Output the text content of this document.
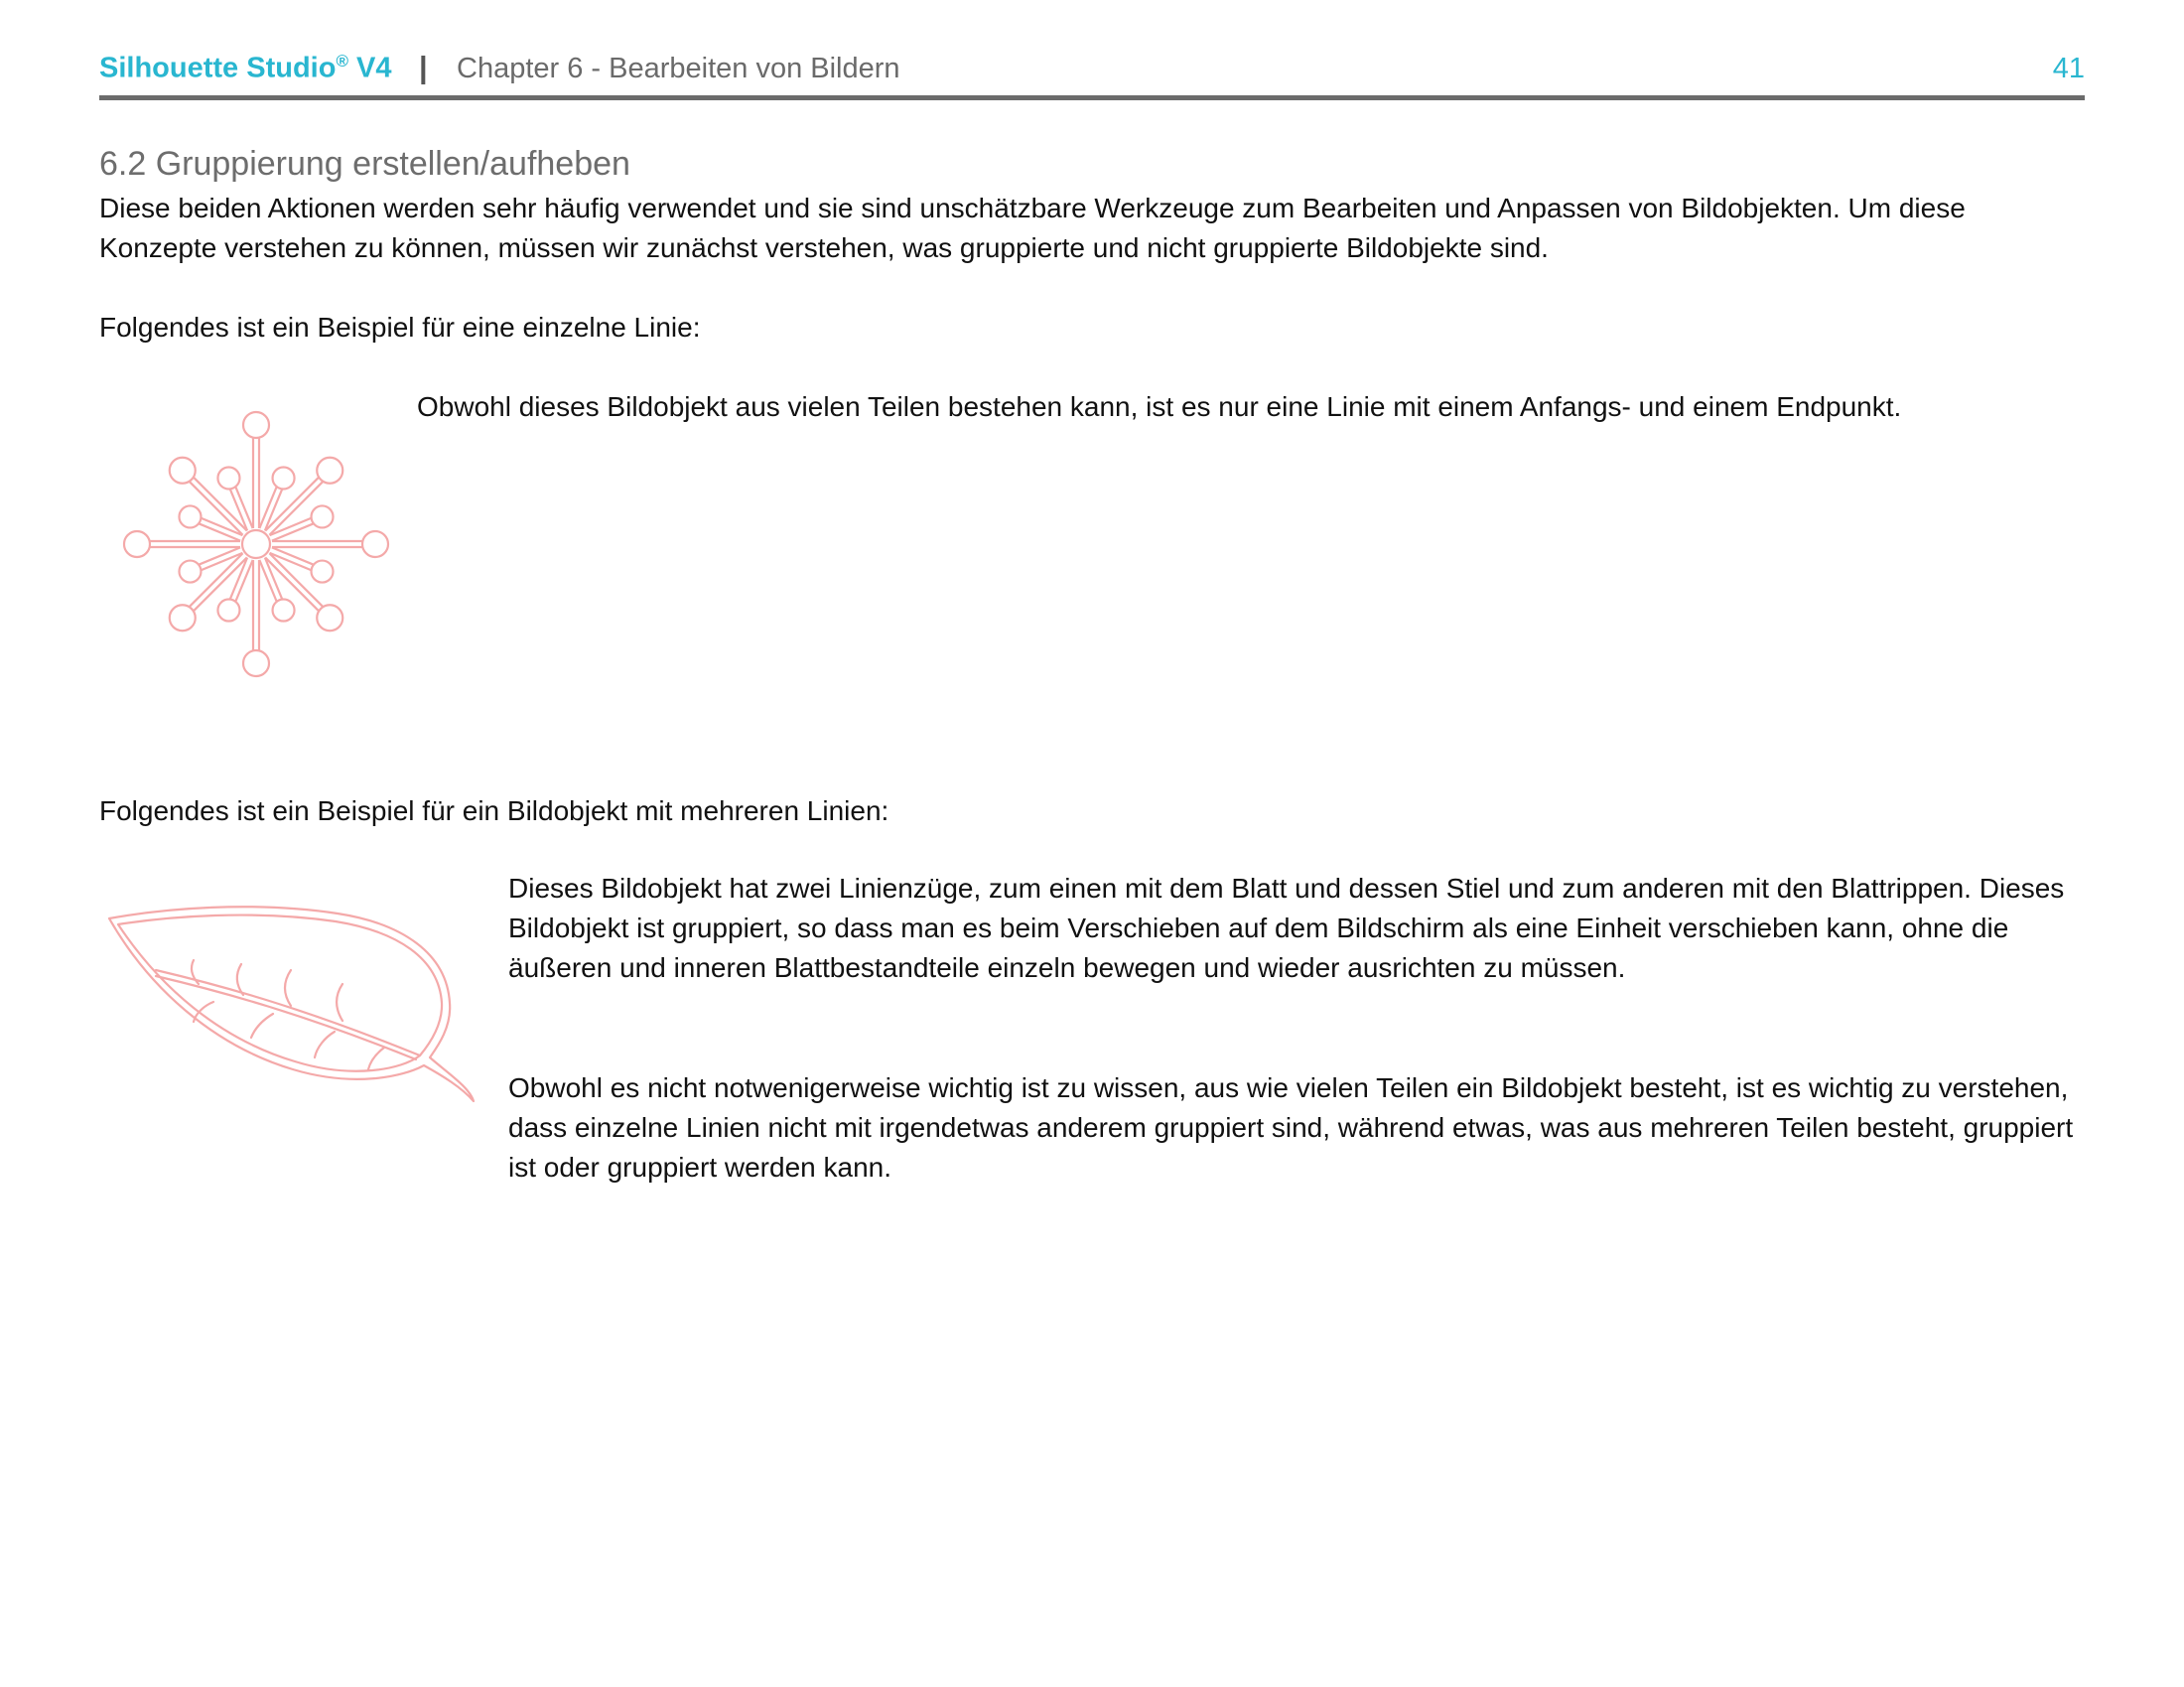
Silhouette Studio® V4 | Chapter 6 - Bearbeiten von Bildern	41
6.2 Gruppierung erstellen/aufheben
Diese beiden Aktionen werden sehr häufig verwendet und sie sind unschätzbare Werkzeuge zum Bearbeiten und Anpassen von Bildobjekten. Um diese Konzepte verstehen zu können, müssen wir zunächst verstehen, was gruppierte und nicht gruppierte Bildobjekte sind.
Folgendes ist ein Beispiel für eine einzelne Linie:
Obwohl dieses Bildobjekt aus vielen Teilen bestehen kann, ist es nur eine Linie mit einem Anfangs- und einem Endpunkt.
Folgendes ist ein Beispiel für ein Bildobjekt mit mehreren Linien:
Dieses Bildobjekt hat zwei Linienzüge, zum einen mit dem Blatt und dessen Stiel und zum anderen mit den Blattrippen. Dieses Bildobjekt ist gruppiert, so dass man es beim Verschieben auf dem Bildschirm als eine Einheit verschieben kann, ohne die äußeren und inneren Blattbestandteile einzeln bewegen und wieder ausrichten zu müssen.
Obwohl es nicht notwenigerweise wichtig ist zu wissen, aus wie vielen Teilen ein Bildobjekt besteht, ist es wichtig zu verstehen, dass einzelne Linien nicht mit irgendetwas anderem gruppiert sind, während etwas, was aus mehreren Teilen besteht, gruppiert ist oder gruppiert werden kann.
